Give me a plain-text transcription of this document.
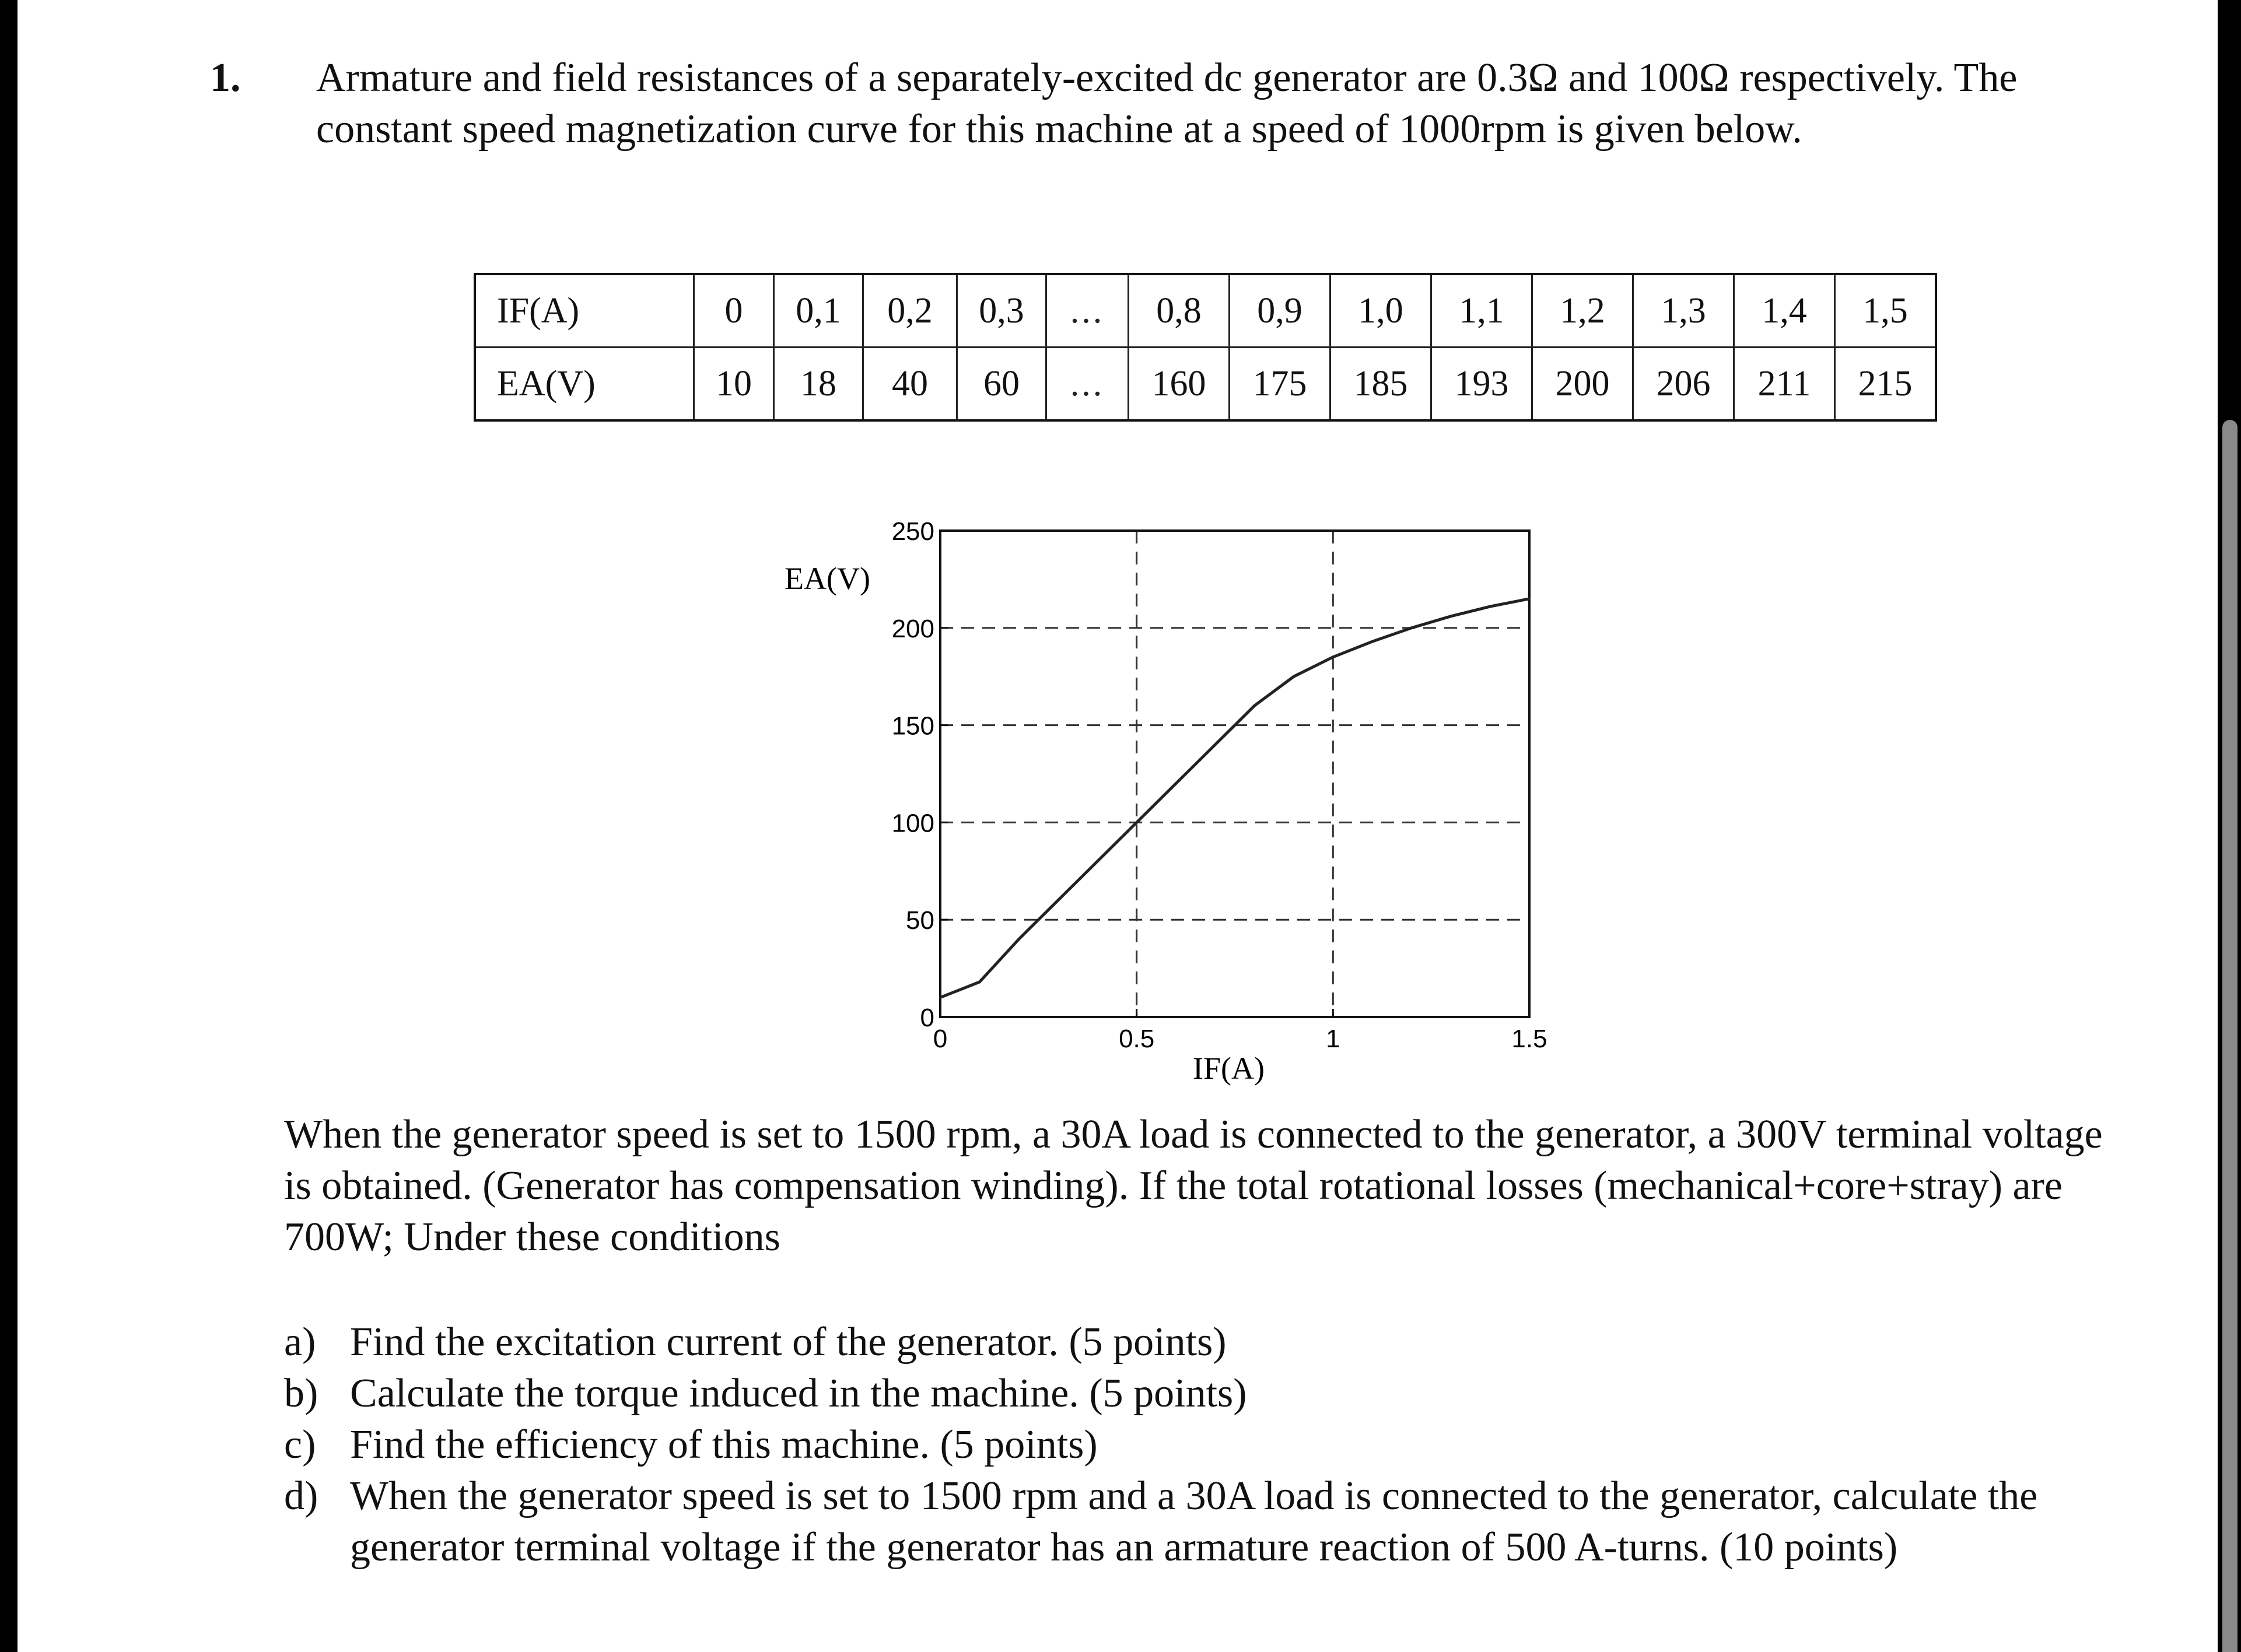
1. Armature and field resistances of a separately-excited dc generator are 0.3Ω and 100Ω respectively. The constant speed magnetization curve for this machine at a speed of 1000rpm is given below.

IF(A)	0	0,1	0,2	0,3	...	0,8	0,9	1,0	1,1	1,2	1,3	1,4	1,5
EA(V)	10	18	40	60	...	160	175	185	193	200	206	211	215
0
50
100
150
200
250
0	0.5	1	1.5
EA(V)
IF(A)

When the generator speed is set to 1500 rpm, a 30A load is connected to the generator, a 300V terminal voltage is obtained. (Generator has compensation winding). If the total rotational losses (mechanical+core+stray) are 700W; Under these conditions

a) Find the excitation current of the generator. (5 points)
b) Calculate the torque induced in the machine. (5 points)
c) Find the efficiency of this machine. (5 points)
d) When the generator speed is set to 1500 rpm and a 30A load is connected to the generator, calculate the generator terminal voltage if the generator has an armature reaction of 500 A-turns. (10 points)
